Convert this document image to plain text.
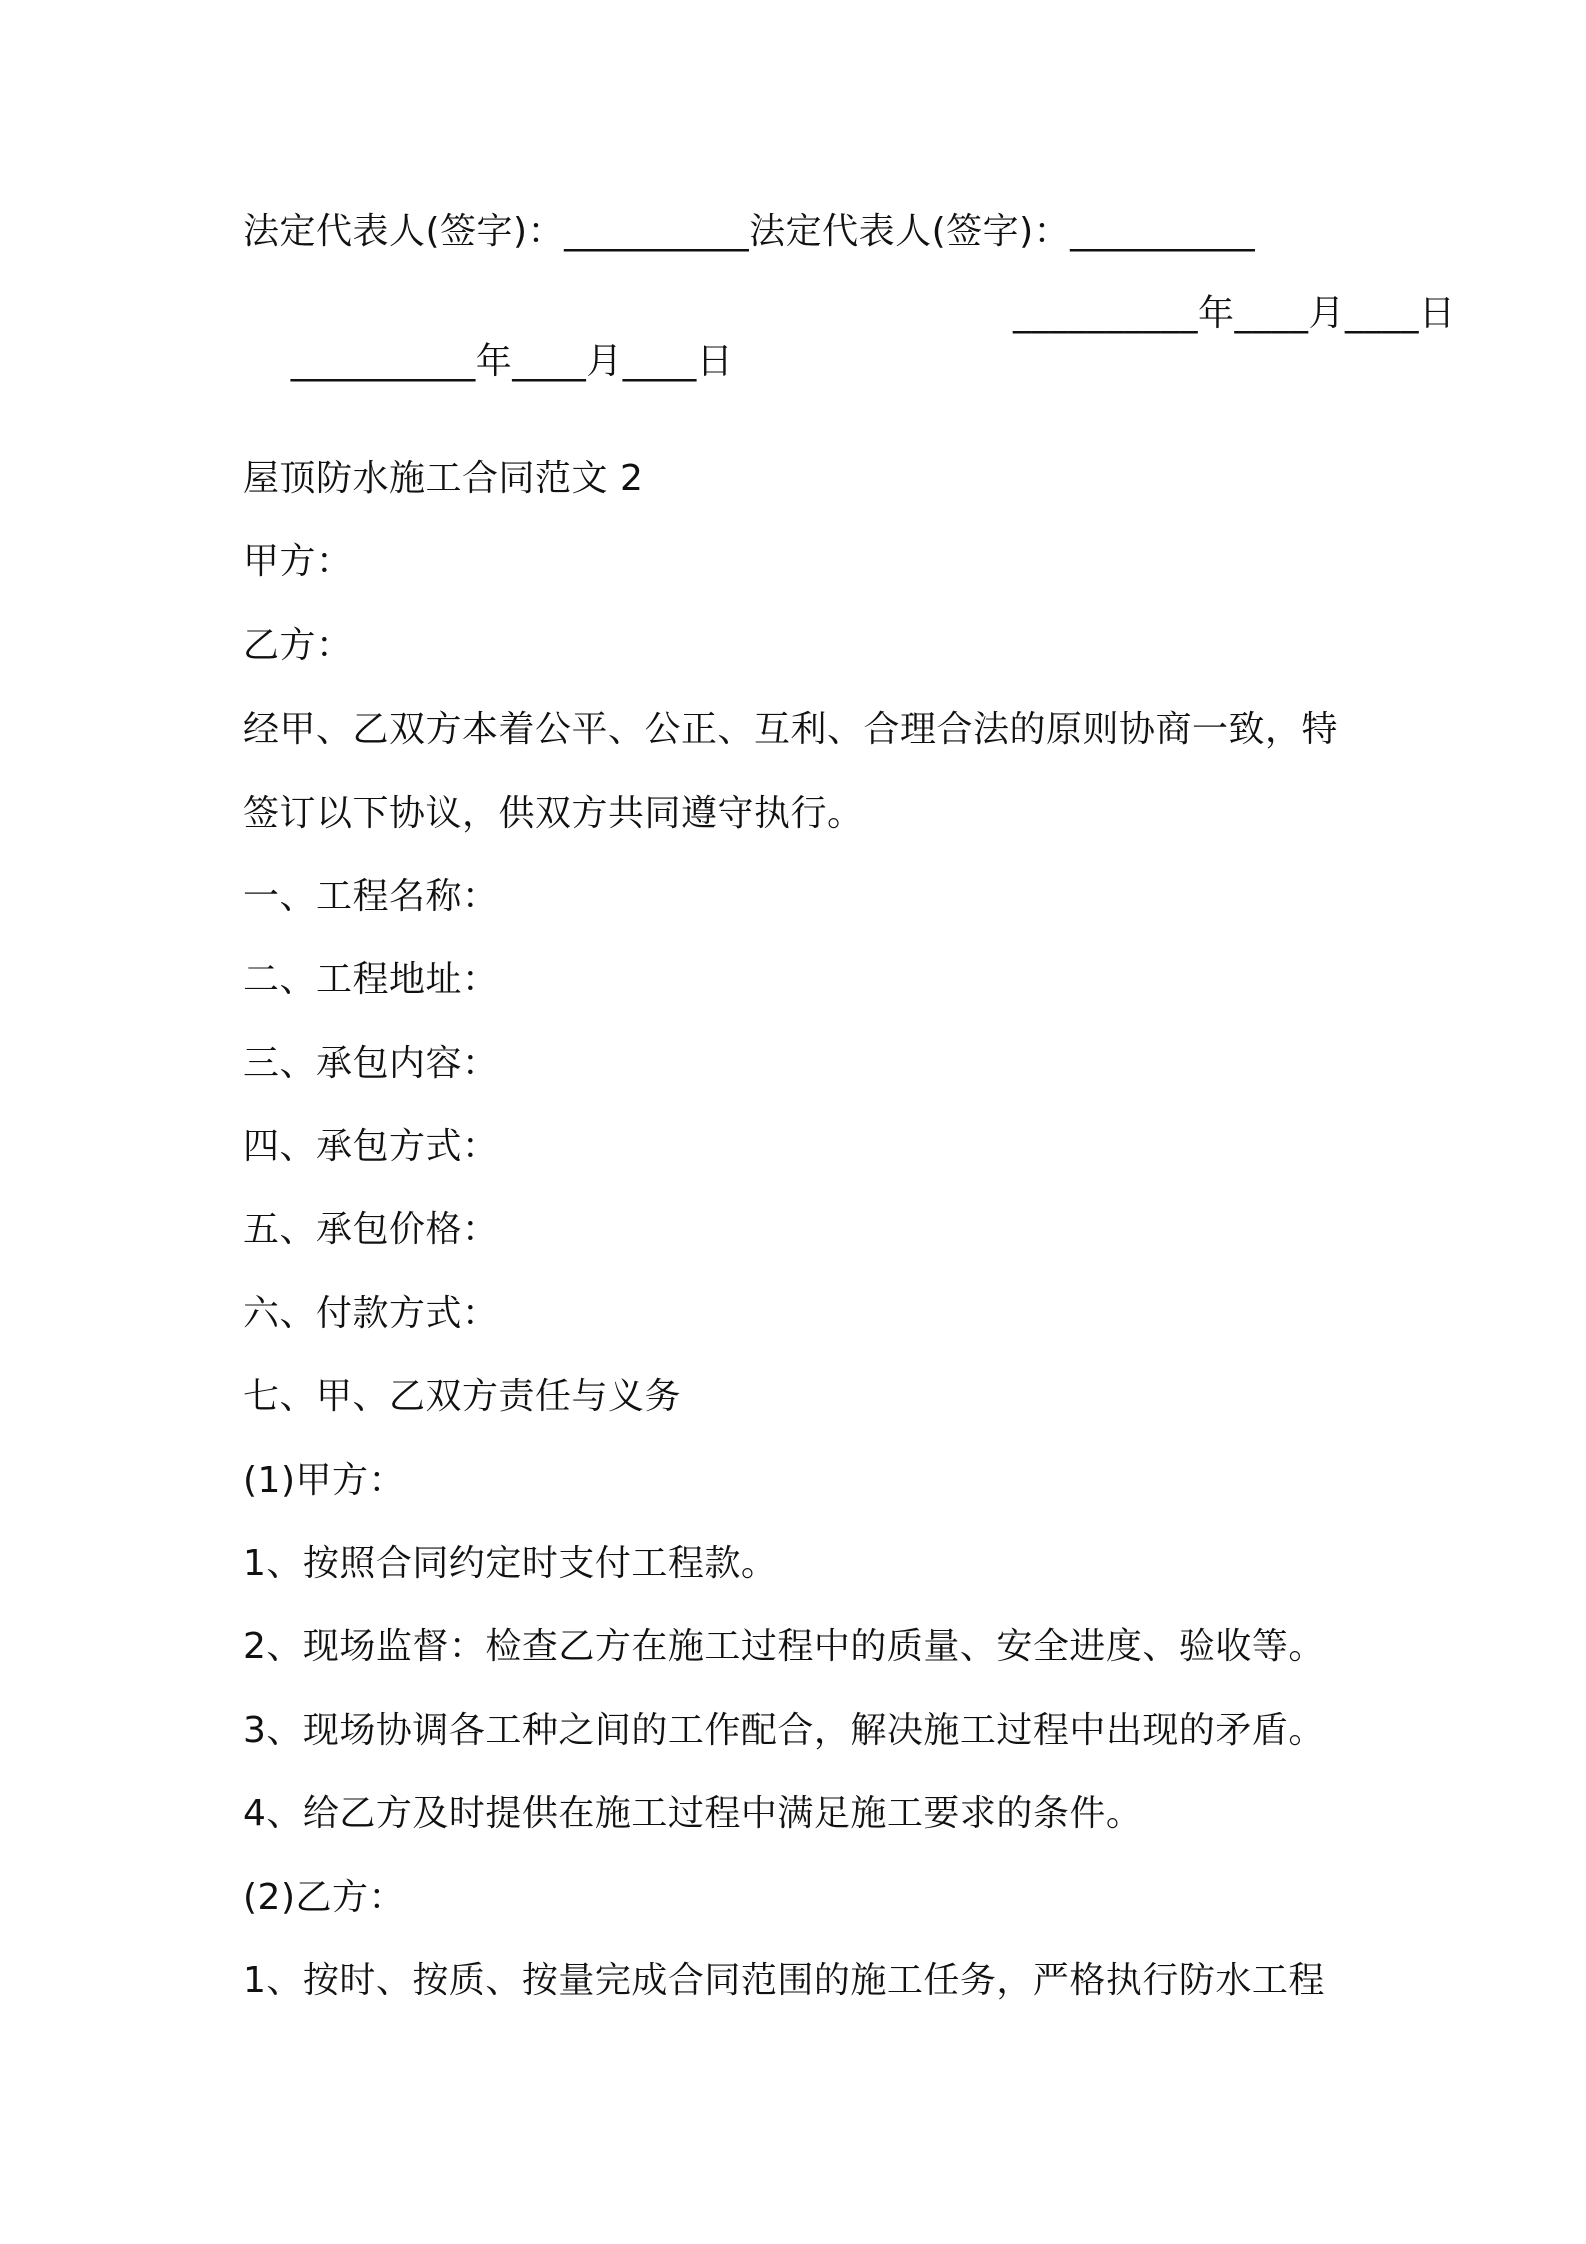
法定代表人(签字)：__________法定代表人(签字)：__________

__________年____月____日

__________年____月____日

屋顶防水施工合同范文 2
甲方：
乙方：
经甲、乙双方本着公平、公正、互利、合理合法的原则协商一致，特
签订以下协议，供双方共同遵守执行。
一、工程名称：
二、工程地址：
三、承包内容：
四、承包方式：
五、承包价格：
六、付款方式：
七、甲、乙双方责任与义务
(1)甲方：
1、按照合同约定时支付工程款。
2、现场监督：检查乙方在施工过程中的质量、安全进度、验收等。
3、现场协调各工种之间的工作配合，解决施工过程中出现的矛盾。
4、给乙方及时提供在施工过程中满足施工要求的条件。
(2)乙方：
1、按时、按质、按量完成合同范围的施工任务，严格执行防水工程
